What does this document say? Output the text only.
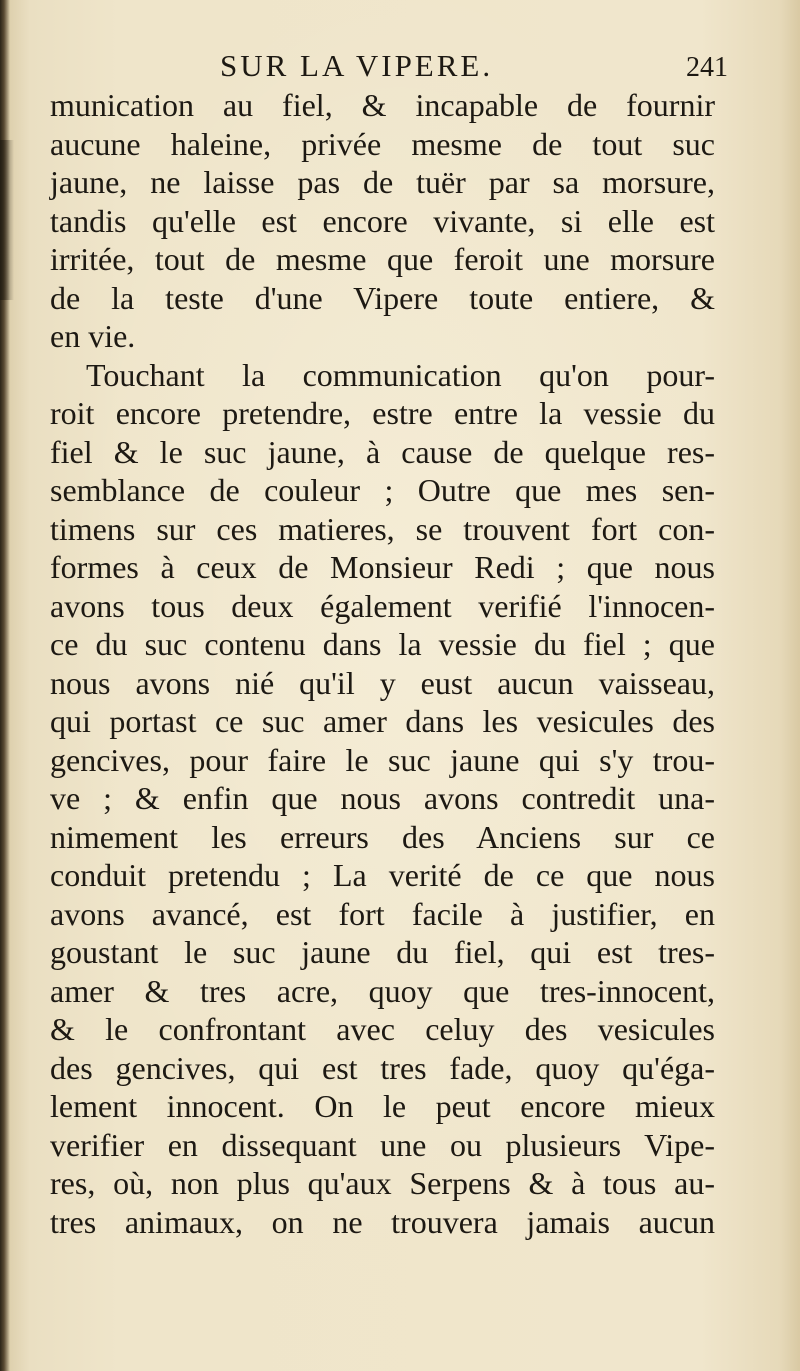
SUR LA VIPERE.	241
munication au fiel, & incapable de fournir
aucune haleine, privée mesme de tout suc
jaune, ne laisse pas de tuër par sa morsure,
tandis qu'elle est encore vivante, si elle est
irritée, tout de mesme que feroit une morsure
de la teste d'une Vipere toute entiere, &
en vie.
Touchant la communication qu'on pour-
roit encore pretendre, estre entre la vessie du
fiel & le suc jaune, à cause de quelque res-
semblance de couleur ; Outre que mes sen-
timens sur ces matieres, se trouvent fort con-
formes à ceux de Monsieur Redi ; que nous
avons tous deux également verifié l'innocen-
ce du suc contenu dans la vessie du fiel ; que
nous avons nié qu'il y eust aucun vaisseau,
qui portast ce suc amer dans les vesicules des
gencives, pour faire le suc jaune qui s'y trou-
ve ; & enfin que nous avons contredit una-
nimement les erreurs des Anciens sur ce
conduit pretendu ; La verité de ce que nous
avons avancé, est fort facile à justifier, en
goustant le suc jaune du fiel, qui est tres-
amer & tres acre, quoy que tres-innocent,
& le confrontant avec celuy des vesicules
des gencives, qui est tres fade, quoy qu'éga-
lement innocent. On le peut encore mieux
verifier en dissequant une ou plusieurs Vipe-
res, où, non plus qu'aux Serpens & à tous au-
tres animaux, on ne trouvera jamais aucun
